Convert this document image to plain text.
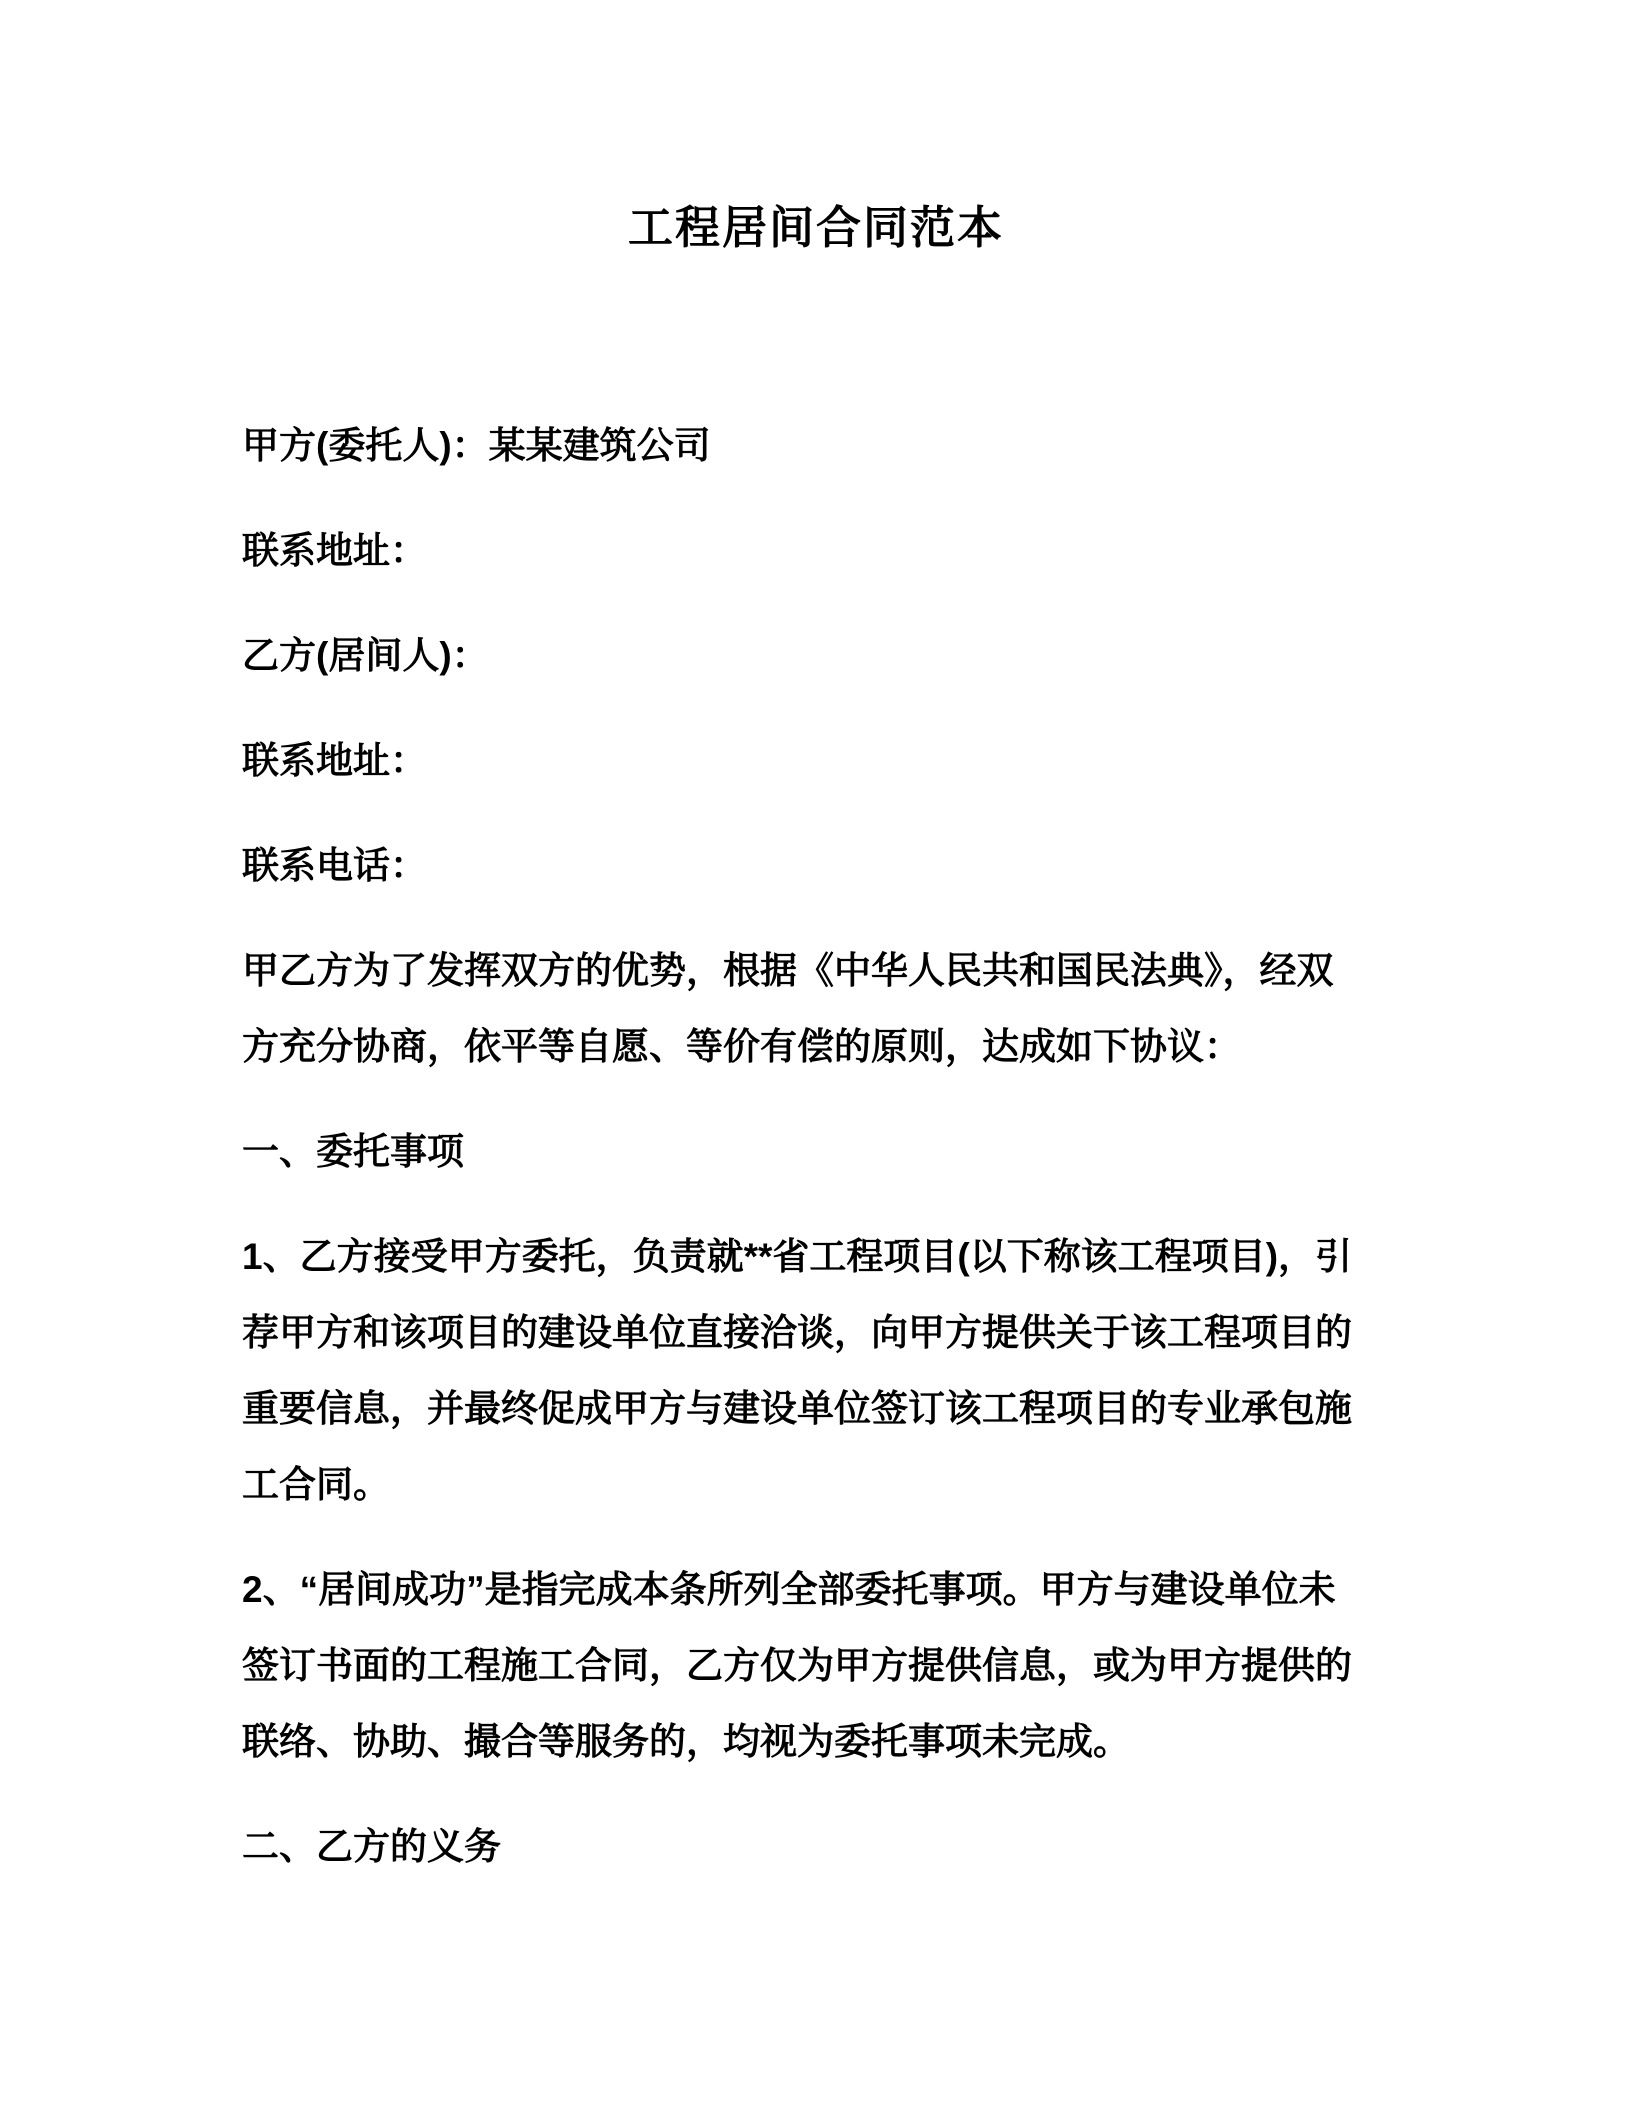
工程居间合同范本

甲方(委托人)：某某建筑公司

联系地址：

乙方(居间人)：

联系地址：

联系电话：

甲乙方为了发挥双方的优势，根据《中华人民共和国民法典》，经双
方充分协商，依平等自愿、等价有偿的原则，达成如下协议：

一、委托事项

1、乙方接受甲方委托，负责就**省工程项目(以下称该工程项目)，引
荐甲方和该项目的建设单位直接洽谈，向甲方提供关于该工程项目的
重要信息，并最终促成甲方与建设单位签订该工程项目的专业承包施
工合同。
2、“居间成功”是指完成本条所列全部委托事项。甲方与建设单位未
签订书面的工程施工合同，乙方仅为甲方提供信息，或为甲方提供的
联络、协助、撮合等服务的，均视为委托事项未完成。

二、乙方的义务
